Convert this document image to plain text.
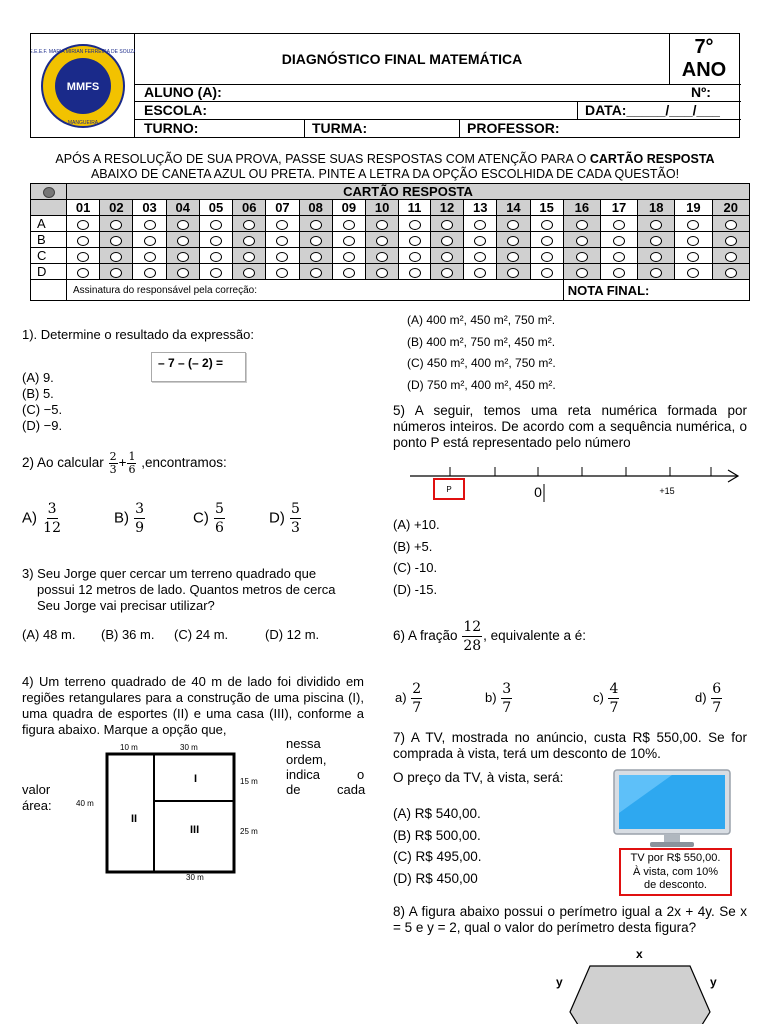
MMFS
E.E.E.F. MARIA MIRIAN FERREIRA DE SOUZA
MANGUEIRA
DIAGNÓSTICO FINAL MATEMÁTICA
7°
ANO
ALUNO (A):	Nº:
ESCOLA:	DATA:_____/___/___
TURNO:	TURMA:	PROFESSOR:
APÓS A RESOLUÇÃO DE SUA PROVA, PASSE SUAS RESPOSTAS COM ATENÇÃO PARA O CARTÃO RESPOSTA
ABAIXO DE CANETA AZUL OU PRETA. PINTE A LETRA DA OPÇÃO ESCOLHIDA DE CADA QUESTÃO!
	CARTÃO RESPOSTA																			
	01	02	03	04	05	06	07	08	09	10	11	12	13	14	15	16	17	18	19	20
A																				
B																				
C																				
D																				
	Assinatura do responsável pela correção:															NOTA FINAL:				
1). Determine o resultado da expressão:
– 7 – (– 2) =
(A) 9.
(B) 5.
(C) −5.
(D) −9.
2) Ao calcular $\frac{2}{3} + \frac{1}{6}$ ,encontramos:
$A) \frac{3}{12}$	$B) \frac{3}{9}$	$C) \frac{5}{6}$	$D) \frac{5}{3}$
3) Seu Jorge quer cercar um terreno quadrado que
possui 12 metros de lado. Quantos metros de cerca
Seu Jorge vai precisar utilizar?
(A) 48 m. (B) 36 m. (C) 24 m.	(D) 12 m.
4) Um terreno quadrado de 40 m de lado foi dividido em regiões retangulares para a construção de uma piscina (I), uma quadra de esportes (II) e uma casa (III), conforme a figura abaixo. Marque a opção que,
nessa
ordem,
indica	o
de	cada
valor
área:
10 m	30 m
40 m
15 m
25 m
30 m
I
II
III
(A) 400 m², 450 m², 750 m².
(B) 400 m², 750 m², 450 m².
(C) 450 m², 400 m², 750 m².
(D) 750 m², 400 m², 450 m².
5) A seguir, temos uma reta numérica formada por números inteiros. De acordo com a sequência numérica, o ponto P está representado pelo número
P	0	+15
(A) +10.
(B) +5.
(C) -10.
(D) -15.
6) A fração $\frac{12}{28}$ , equivalente a é:
$a) \frac{2}{7}$	$b) \frac{3}{7}$	$c) \frac{4}{7}$	$d) \frac{6}{7}$
7) A TV, mostrada no anúncio, custa R$ 550,00. Se for comprada à vista, terá um desconto de 10%.
O preço da TV, à vista, será:
(A) R$ 540,00.
(B) R$ 500,00.
(C) R$ 495,00.
(D) R$ 450,00
TV por R$ 550,00.
À vista, com 10%
de desconto.
8) A figura abaixo possui o perímetro igual a 2x + 4y. Se x = 5 e y = 2, qual o valor do perímetro desta figura?
x
y	y
